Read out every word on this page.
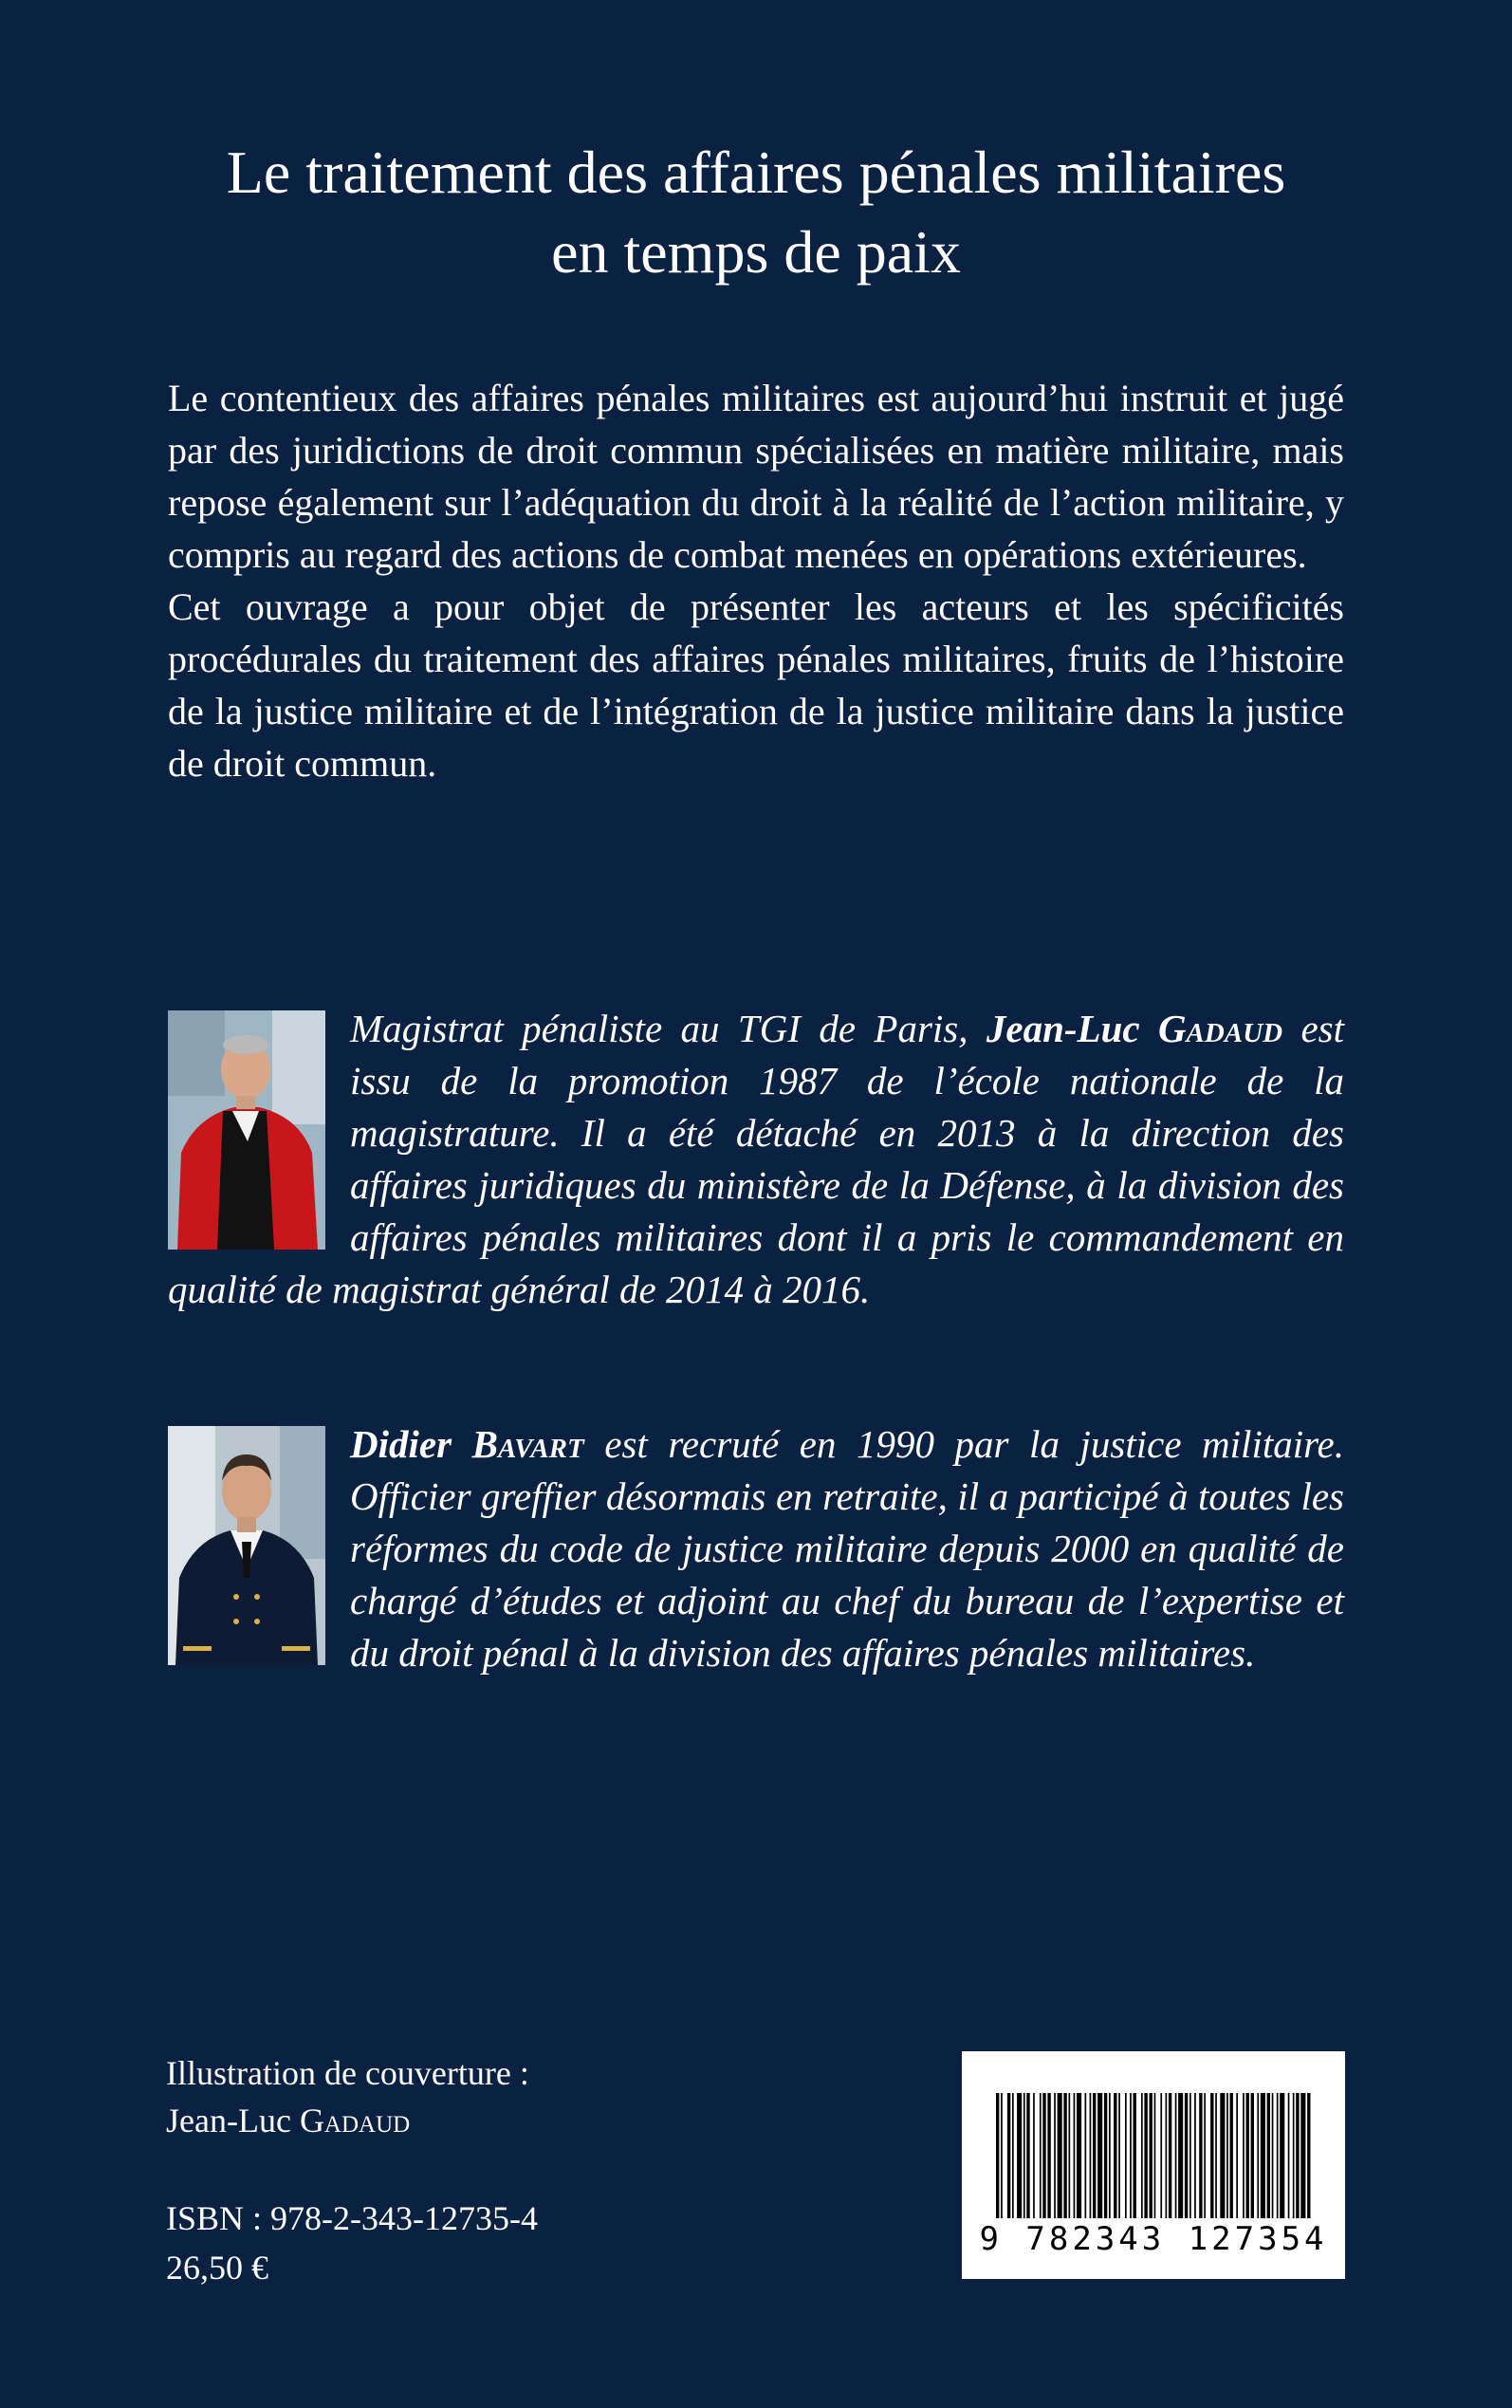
Le traitement des affaires pénales militaires
en temps de paix

Le contentieux des affaires pénales militaires est aujourd’hui instruit et jugé par des juridictions de droit commun spécialisées en matière militaire, mais repose également sur l’adéquation du droit à la réalité de l’action militaire, y compris au regard des actions de combat menées en opérations extérieures.

Cet ouvrage a pour objet de présenter les acteurs et les spécificités procédurales du traitement des affaires pénales militaires, fruits de l’histoire de la justice militaire et de l’intégration de la justice militaire dans la justice de droit commun.

Magistrat pénaliste au TGI de Paris, Jean-Luc Gadaud est issu de la promotion 1987 de l’école nationale de la magistrature. Il a été détaché en 2013 à la direction des affaires juridiques du ministère de la Défense, à la division des affaires pénales militaires dont il a pris le commandement en qualité de magistrat général de 2014 à 2016.

Didier Bavart est recruté en 1990 par la justice militaire. Officier greffier désormais en retraite, il a participé à toutes les réformes du code de justice militaire depuis 2000 en qualité de chargé d’études et adjoint au chef du bureau de l’expertise et du droit pénal à la division des affaires pénales militaires.

Illustration de couverture :
Jean-Luc Gadaud
ISBN : 978-2-343-12735-4
26,50 €
9 782343 127354
